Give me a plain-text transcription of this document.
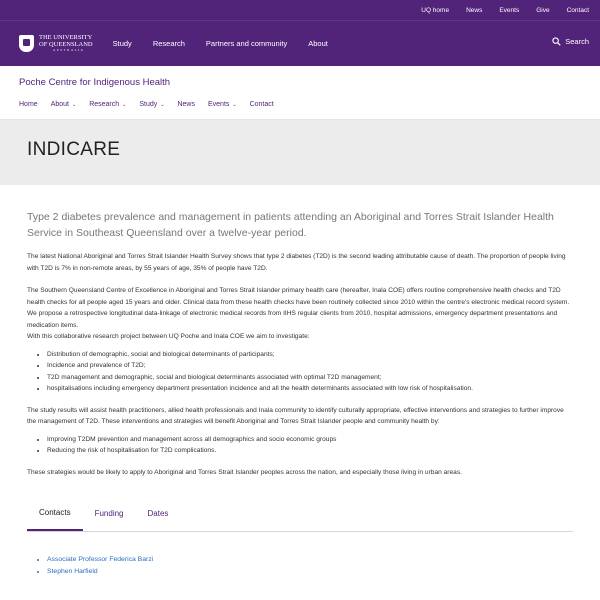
UQ home	News	Events	Give	Contact
THE UNIVERSITY
OF QUEENSLAND
AUSTRALIA
Study	Research	Partners and community	About	Search
Poche Centre for Indigenous Health
Home About ⌄ Research ⌄ Study ⌄ News Events ⌄ Contact
INDICARE
Type 2 diabetes prevalence and management in patients attending an Aboriginal and Torres Strait Islander Health Service in Southeast Queensland over a twelve-year period.

The latest National Aboriginal and Torres Strait Islander Health Survey shows that type 2 diabetes (T2D) is the second leading attributable cause of death. The proportion of people living with T2D is 7% in non-remote areas, by 55 years of age, 35% of people have T2D.

The Southern Queensland Centre of Excellence in Aboriginal and Torres Strait Islander primary health care (hereafter, Inala COE) offers routine comprehensive health checks and T2D health checks for all people aged 15 years and older. Clinical data from these health checks have been routinely collected since 2010 within the centre's electronic medical record system. We propose a retrospective longitudinal data-linkage of electronic medical records from IIHS regular clients from 2010, hospital admissions, emergency department presentations and medication items.

With this collaborative research project between UQ Poche and Inala COE we aim to investigate:

• Distribution of demographic, social and biological determinants of participants;
• Incidence and prevalence of T2D;
• T2D management and demographic, social and biological determinants associated with optimal T2D management;
• hospitalisations including emergency department presentation incidence and all the health determinants associated with low risk of hospitalisation.

The study results will assist health practitioners, allied health professionals and Inala community to identify culturally appropriate, effective interventions and strategies to further improve the management of T2D. These interventions and strategies will benefit Aboriginal and Torres Strait Islander people and community health by:

• Improving T2DM prevention and management across all demographics and socio economic groups
• Reducing the risk of hospitalisation for T2D complications.

These strategies would be likely to apply to Aboriginal and Torres Strait Islander peoples across the nation, and especially those living in urban areas.

Contacts	Funding	Dates
• Associate Professor Federica Barzi
• Stephen Harfield
